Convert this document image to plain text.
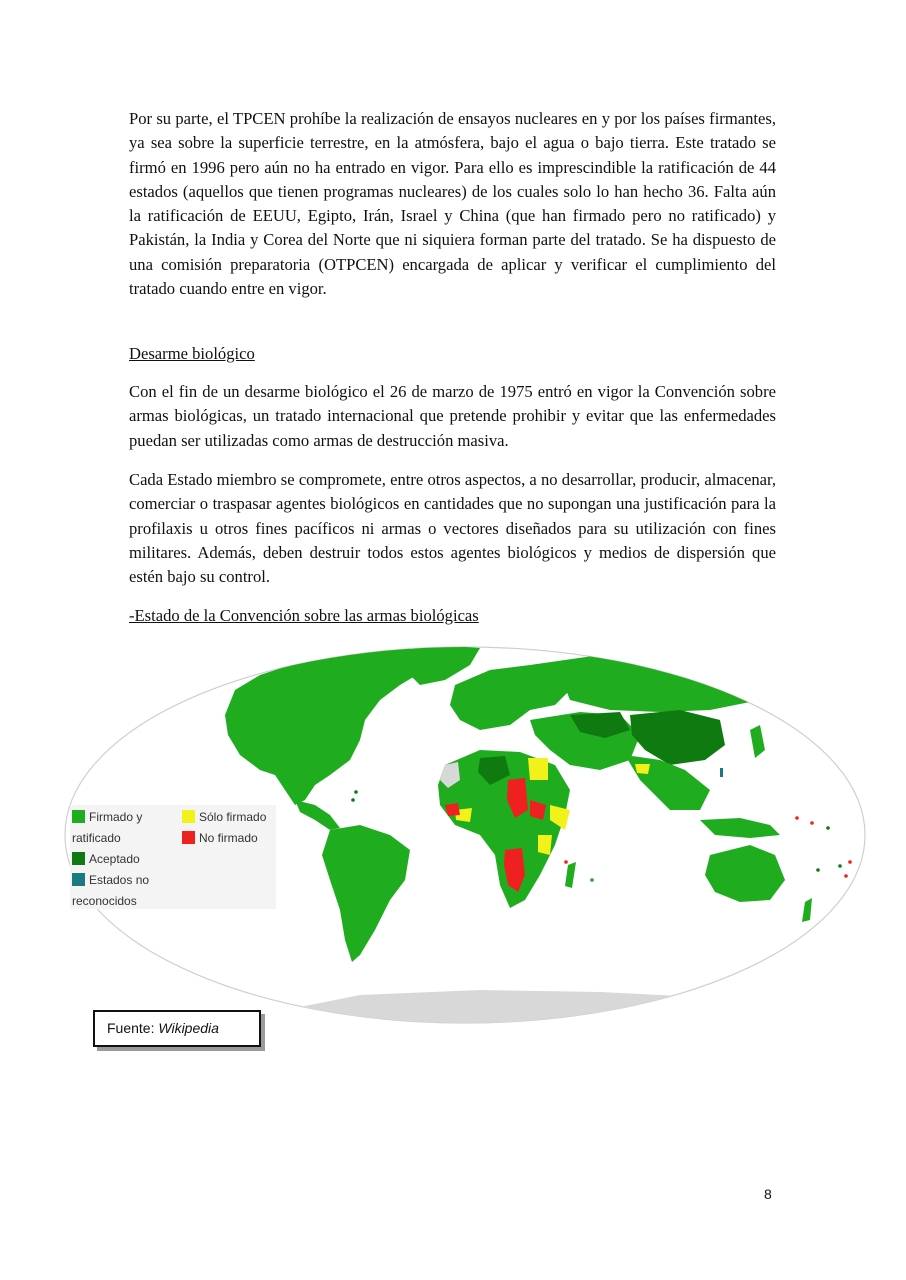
Por su parte, el TPCEN prohíbe la realización de ensayos nucleares en y por los países firmantes, ya sea sobre la superficie terrestre, en la atmósfera, bajo el agua o bajo tierra. Este tratado se firmó en 1996 pero aún no ha entrado en vigor. Para ello es imprescindible la ratificación de 44 estados (aquellos que tienen programas nucleares) de los cuales solo lo han hecho 36. Falta aún la ratificación de EEUU, Egipto, Irán, Israel y China (que han firmado pero no ratificado) y Pakistán, la India y Corea del Norte que ni siquiera forman parte del tratado. Se ha dispuesto de una comisión preparatoria (OTPCEN) encargada de aplicar y verificar el cumplimiento del tratado cuando entre en vigor.

Desarme biológico

Con el fin de un desarme biológico el 26 de marzo de 1975 entró en vigor la Convención sobre armas biológicas, un tratado internacional que pretende prohibir y evitar que las enfermedades puedan ser utilizadas como armas de destrucción masiva.

Cada Estado miembro se compromete, entre otros aspectos, a no desarrollar, producir, almacenar, comerciar o traspasar agentes biológicos en cantidades que no supongan una justificación para la profilaxis u otros fines pacíficos ni armas o vectores diseñados para su utilización con fines militares. Además, deben destruir todos estos agentes biológicos y medios de dispersión que estén bajo su control.

-Estado de la Convención sobre las armas biológicas

Firmado y ratificado
Aceptado
Estados no reconocidos
Sólo firmado
No firmado
Fuente: Wikipedia
8
